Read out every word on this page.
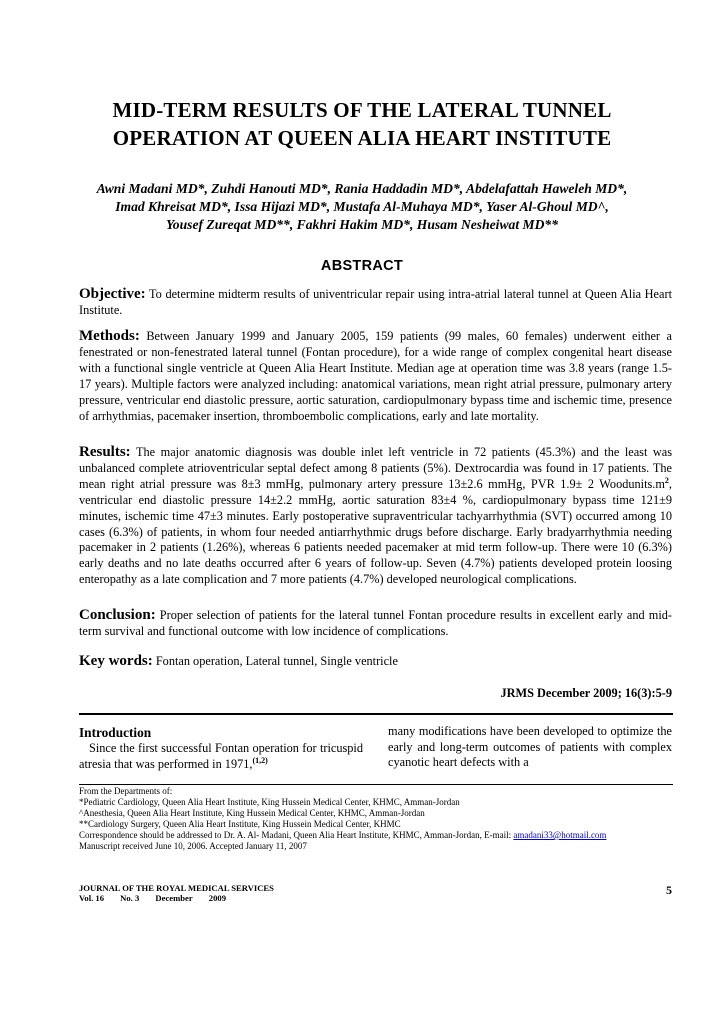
MID-TERM RESULTS OF THE LATERAL TUNNEL
OPERATION AT QUEEN ALIA HEART INSTITUTE
Awni Madani MD*, Zuhdi Hanouti MD*, Rania Haddadin MD*, Abdelafattah Haweleh MD*,
Imad Khreisat MD*, Issa Hijazi MD*, Mustafa Al-Muhaya MD*, Yaser Al-Ghoul MD^,
Yousef Zureqat MD**, Fakhri Hakim MD*, Husam Nesheiwat MD**
ABSTRACT
Objective: To determine midterm results of univentricular repair using intra-atrial lateral tunnel at Queen Alia Heart Institute.
Methods: Between January 1999 and January 2005, 159 patients (99 males, 60 females) underwent either a fenestrated or non-fenestrated lateral tunnel (Fontan procedure), for a wide range of complex congenital heart disease with a functional single ventricle at Queen Alia Heart Institute. Median age at operation time was 3.8 years (range 1.5-17 years). Multiple factors were analyzed including: anatomical variations, mean right atrial pressure, pulmonary artery pressure, ventricular end diastolic pressure, aortic saturation, cardiopulmonary bypass time and ischemic time, presence of arrhythmias, pacemaker insertion, thromboembolic complications, early and late mortality.
Results: The major anatomic diagnosis was double inlet left ventricle in 72 patients (45.3%) and the least was unbalanced complete atrioventricular septal defect among 8 patients (5%). Dextrocardia was found in 17 patients. The mean right atrial pressure was 8±3 mmHg, pulmonary artery pressure 13±2.6 mmHg, PVR 1.9± 2 $Woodunits.m^2$, ventricular end diastolic pressure 14±2.2 mmHg, aortic saturation 83±4 %, cardiopulmonary bypass time 121±9 minutes, ischemic time 47±3 minutes. Early postoperative supraventricular tachyarrhythmia (SVT) occurred among 10 cases (6.3%) of patients, in whom four needed antiarrhythmic drugs before discharge. Early bradyarrhythmia needing pacemaker in 2 patients (1.26%), whereas 6 patients needed pacemaker at mid term follow-up. There were 10 (6.3%) early deaths and no late deaths occurred after 6 years of follow-up. Seven (4.7%) patients developed protein loosing enteropathy as a late complication and 7 more patients (4.7%) developed neurological complications.
Conclusion: Proper selection of patients for the lateral tunnel Fontan procedure results in excellent early and mid-term survival and functional outcome with low incidence of complications.
Key words: Fontan operation, Lateral tunnel, Single ventricle
JRMS December 2009; 16(3):5-9
Introduction
Since the first successful Fontan operation for tricuspid atresia that was performed in 1971,$^{(1,2)}$
many modifications have been developed to optimize the early and long-term outcomes of patients with complex cyanotic heart defects with a
From the Departments of:
*Pediatric Cardiology, Queen Alia Heart Institute, King Hussein Medical Center, KHMC, Amman-Jordan
^Anesthesia, Queen Alia Heart Institute, King Hussein Medical Center, KHMC, Amman-Jordan
**Cardiology Surgery, Queen Alia Heart Institute, King Hussein Medical Center, KHMC
Correspondence should be addressed to Dr. A. Al- Madani, Queen Alia Heart Institute, KHMC, Amman-Jordan, E-mail: amadani33@hotmail.com
Manuscript received June 10, 2006. Accepted January 11, 2007
JOURNAL OF THE ROYAL MEDICAL SERVICES
Vol. 16 No. 3 December 2009
5
